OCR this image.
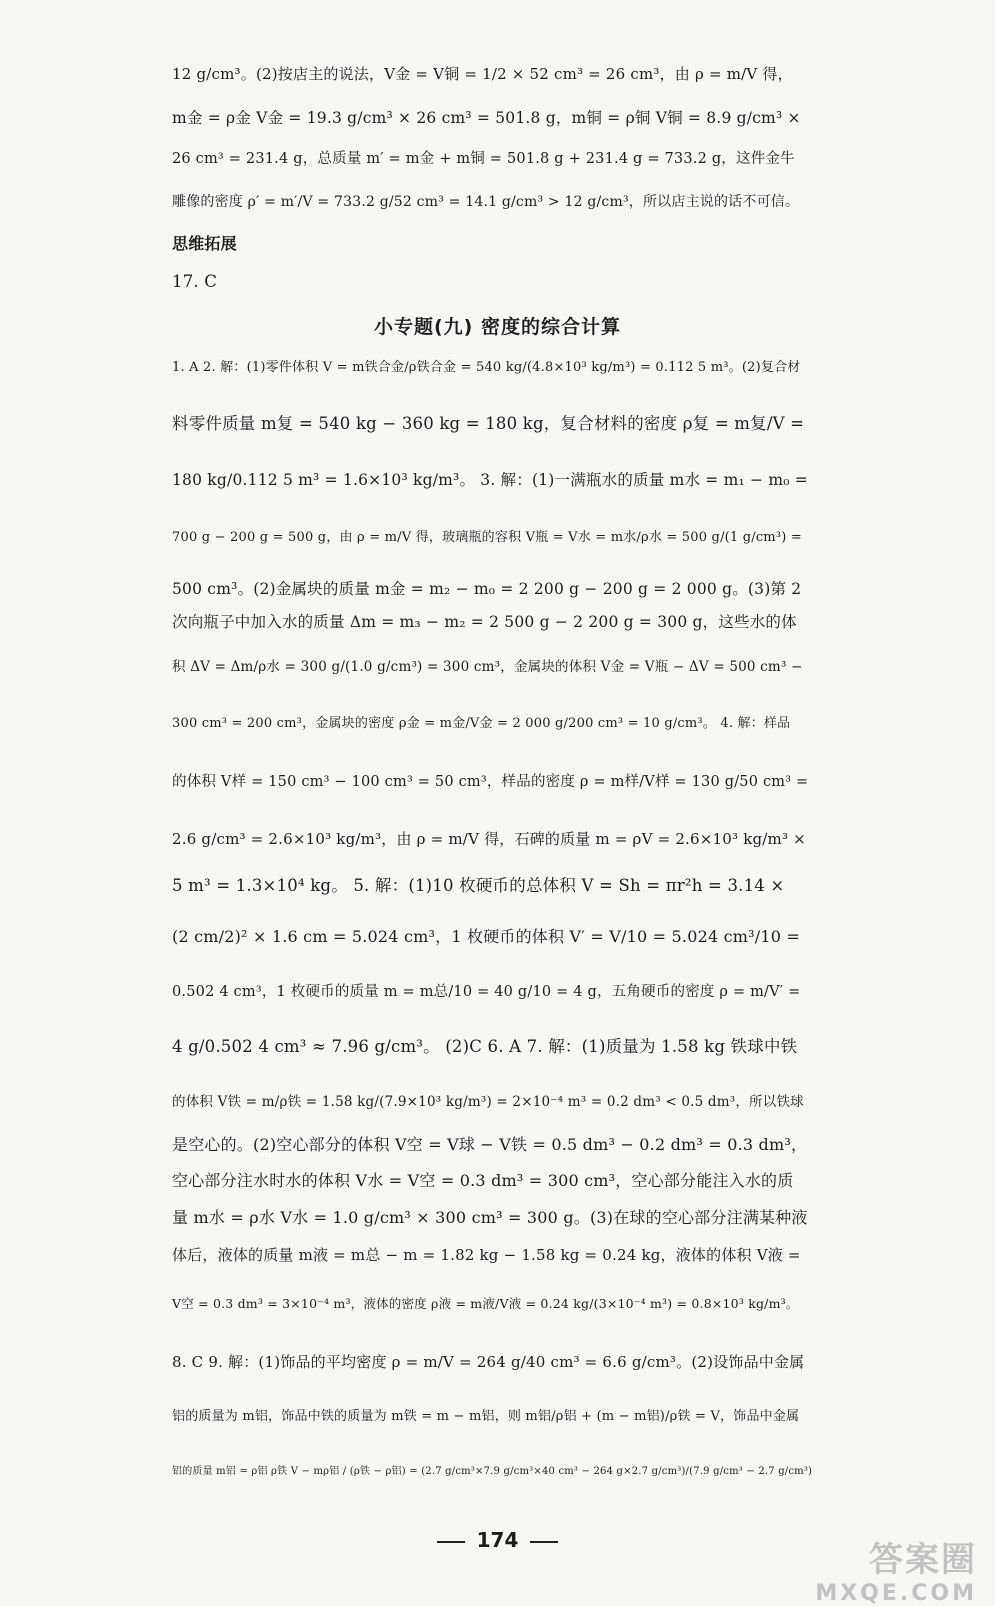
12 g/cm³。(2)按店主的说法，V金 = V铜 = 1/2 × 52 cm³ = 26 cm³，由 ρ = m/V 得，
m金 = ρ金 V金 = 19.3 g/cm³ × 26 cm³ = 501.8 g，m铜 = ρ铜 V铜 = 8.9 g/cm³ ×
26 cm³ = 231.4 g，总质量 m′ = m金 + m铜 = 501.8 g + 231.4 g = 733.2 g，这件金牛
雕像的密度 ρ′ = m′/V = 733.2 g/52 cm³ = 14.1 g/cm³ > 12 g/cm³，所以店主说的话不可信。
思维拓展
17. C
小专题(九) 密度的综合计算
1. A 2. 解：(1)零件体积 V = m铁合金/ρ铁合金 = 540 kg/(4.8×10³ kg/m³) = 0.112 5 m³。(2)复合材
料零件质量 m复 = 540 kg − 360 kg = 180 kg，复合材料的密度 ρ复 = m复/V =
180 kg/0.112 5 m³ = 1.6×10³ kg/m³。 3. 解：(1)一满瓶水的质量 m水 = m₁ − m₀ =
700 g − 200 g = 500 g，由 ρ = m/V 得，玻璃瓶的容积 V瓶 = V水 = m水/ρ水 = 500 g/(1 g/cm³) =
500 cm³。(2)金属块的质量 m金 = m₂ − m₀ = 2 200 g − 200 g = 2 000 g。(3)第 2
次向瓶子中加入水的质量 Δm = m₃ − m₂ = 2 500 g − 2 200 g = 300 g，这些水的体
积 ΔV = Δm/ρ水 = 300 g/(1.0 g/cm³) = 300 cm³，金属块的体积 V金 = V瓶 − ΔV = 500 cm³ −
300 cm³ = 200 cm³，金属块的密度 ρ金 = m金/V金 = 2 000 g/200 cm³ = 10 g/cm³。 4. 解：样品
的体积 V样 = 150 cm³ − 100 cm³ = 50 cm³，样品的密度 ρ = m样/V样 = 130 g/50 cm³ =
2.6 g/cm³ = 2.6×10³ kg/m³，由 ρ = m/V 得，石碑的质量 m = ρV = 2.6×10³ kg/m³ ×
5 m³ = 1.3×10⁴ kg。 5. 解：(1)10 枚硬币的总体积 V = Sh = πr²h = 3.14 ×
(2 cm/2)² × 1.6 cm = 5.024 cm³，1 枚硬币的体积 V′ = V/10 = 5.024 cm³/10 =
0.502 4 cm³，1 枚硬币的质量 m = m总/10 = 40 g/10 = 4 g，五角硬币的密度 ρ = m/V′ =
4 g/0.502 4 cm³ ≈ 7.96 g/cm³。 (2)C 6. A 7. 解：(1)质量为 1.58 kg 铁球中铁
的体积 V铁 = m/ρ铁 = 1.58 kg/(7.9×10³ kg/m³) = 2×10⁻⁴ m³ = 0.2 dm³ < 0.5 dm³，所以铁球
是空心的。(2)空心部分的体积 V空 = V球 − V铁 = 0.5 dm³ − 0.2 dm³ = 0.3 dm³，
空心部分注水时水的体积 V水 = V空 = 0.3 dm³ = 300 cm³，空心部分能注入水的质
量 m水 = ρ水 V水 = 1.0 g/cm³ × 300 cm³ = 300 g。(3)在球的空心部分注满某种液
体后，液体的质量 m液 = m总 − m = 1.82 kg − 1.58 kg = 0.24 kg，液体的体积 V液 =
V空 = 0.3 dm³ = 3×10⁻⁴ m³，液体的密度 ρ液 = m液/V液 = 0.24 kg/(3×10⁻⁴ m³) = 0.8×10³ kg/m³。
8. C 9. 解：(1)饰品的平均密度 ρ = m/V = 264 g/40 cm³ = 6.6 g/cm³。(2)设饰品中金属
铝的质量为 m铝，饰品中铁的质量为 m铁 = m − m铝，则 m铝/ρ铝 + (m − m铝)/ρ铁 = V，饰品中金属
铝的质量 m铝 = ρ铝 ρ铁 V − mρ铝 / (ρ铁 − ρ铝) = (2.7 g/cm³×7.9 g/cm³×40 cm³ − 264 g×2.7 g/cm³)/(7.9 g/cm³ − 2.7 g/cm³)
174	答案圈
MXQE.COM
